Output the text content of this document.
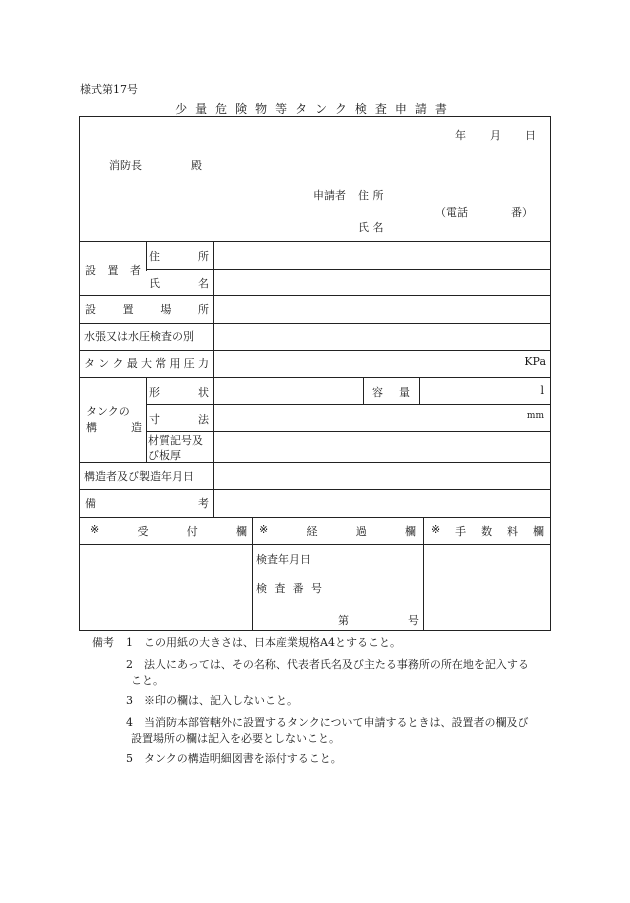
様式第17号
少量危険物等タンク検査申請書
年 月 日
消防長	殿
申請者 住 所
（電話	番）
氏 名
設 置 者
住	所
氏	名
設 置 場 所
水張又は水圧検査の別
タ ン ク 最 大 常 用 圧 力	KPa
タンクの
構	造
形	状	容 量	l
寸	法	mm
材質記号及
び板厚
構造者及び製造年月日
備	考
※	受	付	欄 ※	経	過	欄 ※ 手 数 料 欄
検査年月日
検 査 番 号
第	号
備考 1 この用紙の大きさは、日本産業規格A4とすること。
2 法人にあっては、その名称、代表者氏名及び主たる事務所の所在地を記入する
こと。
3 ※印の欄は、記入しないこと。
4 当消防本部管轄外に設置するタンクについて申請するときは、設置者の欄及び
設置場所の欄は記入を必要としないこと。
5 タンクの構造明細図書を添付すること。
